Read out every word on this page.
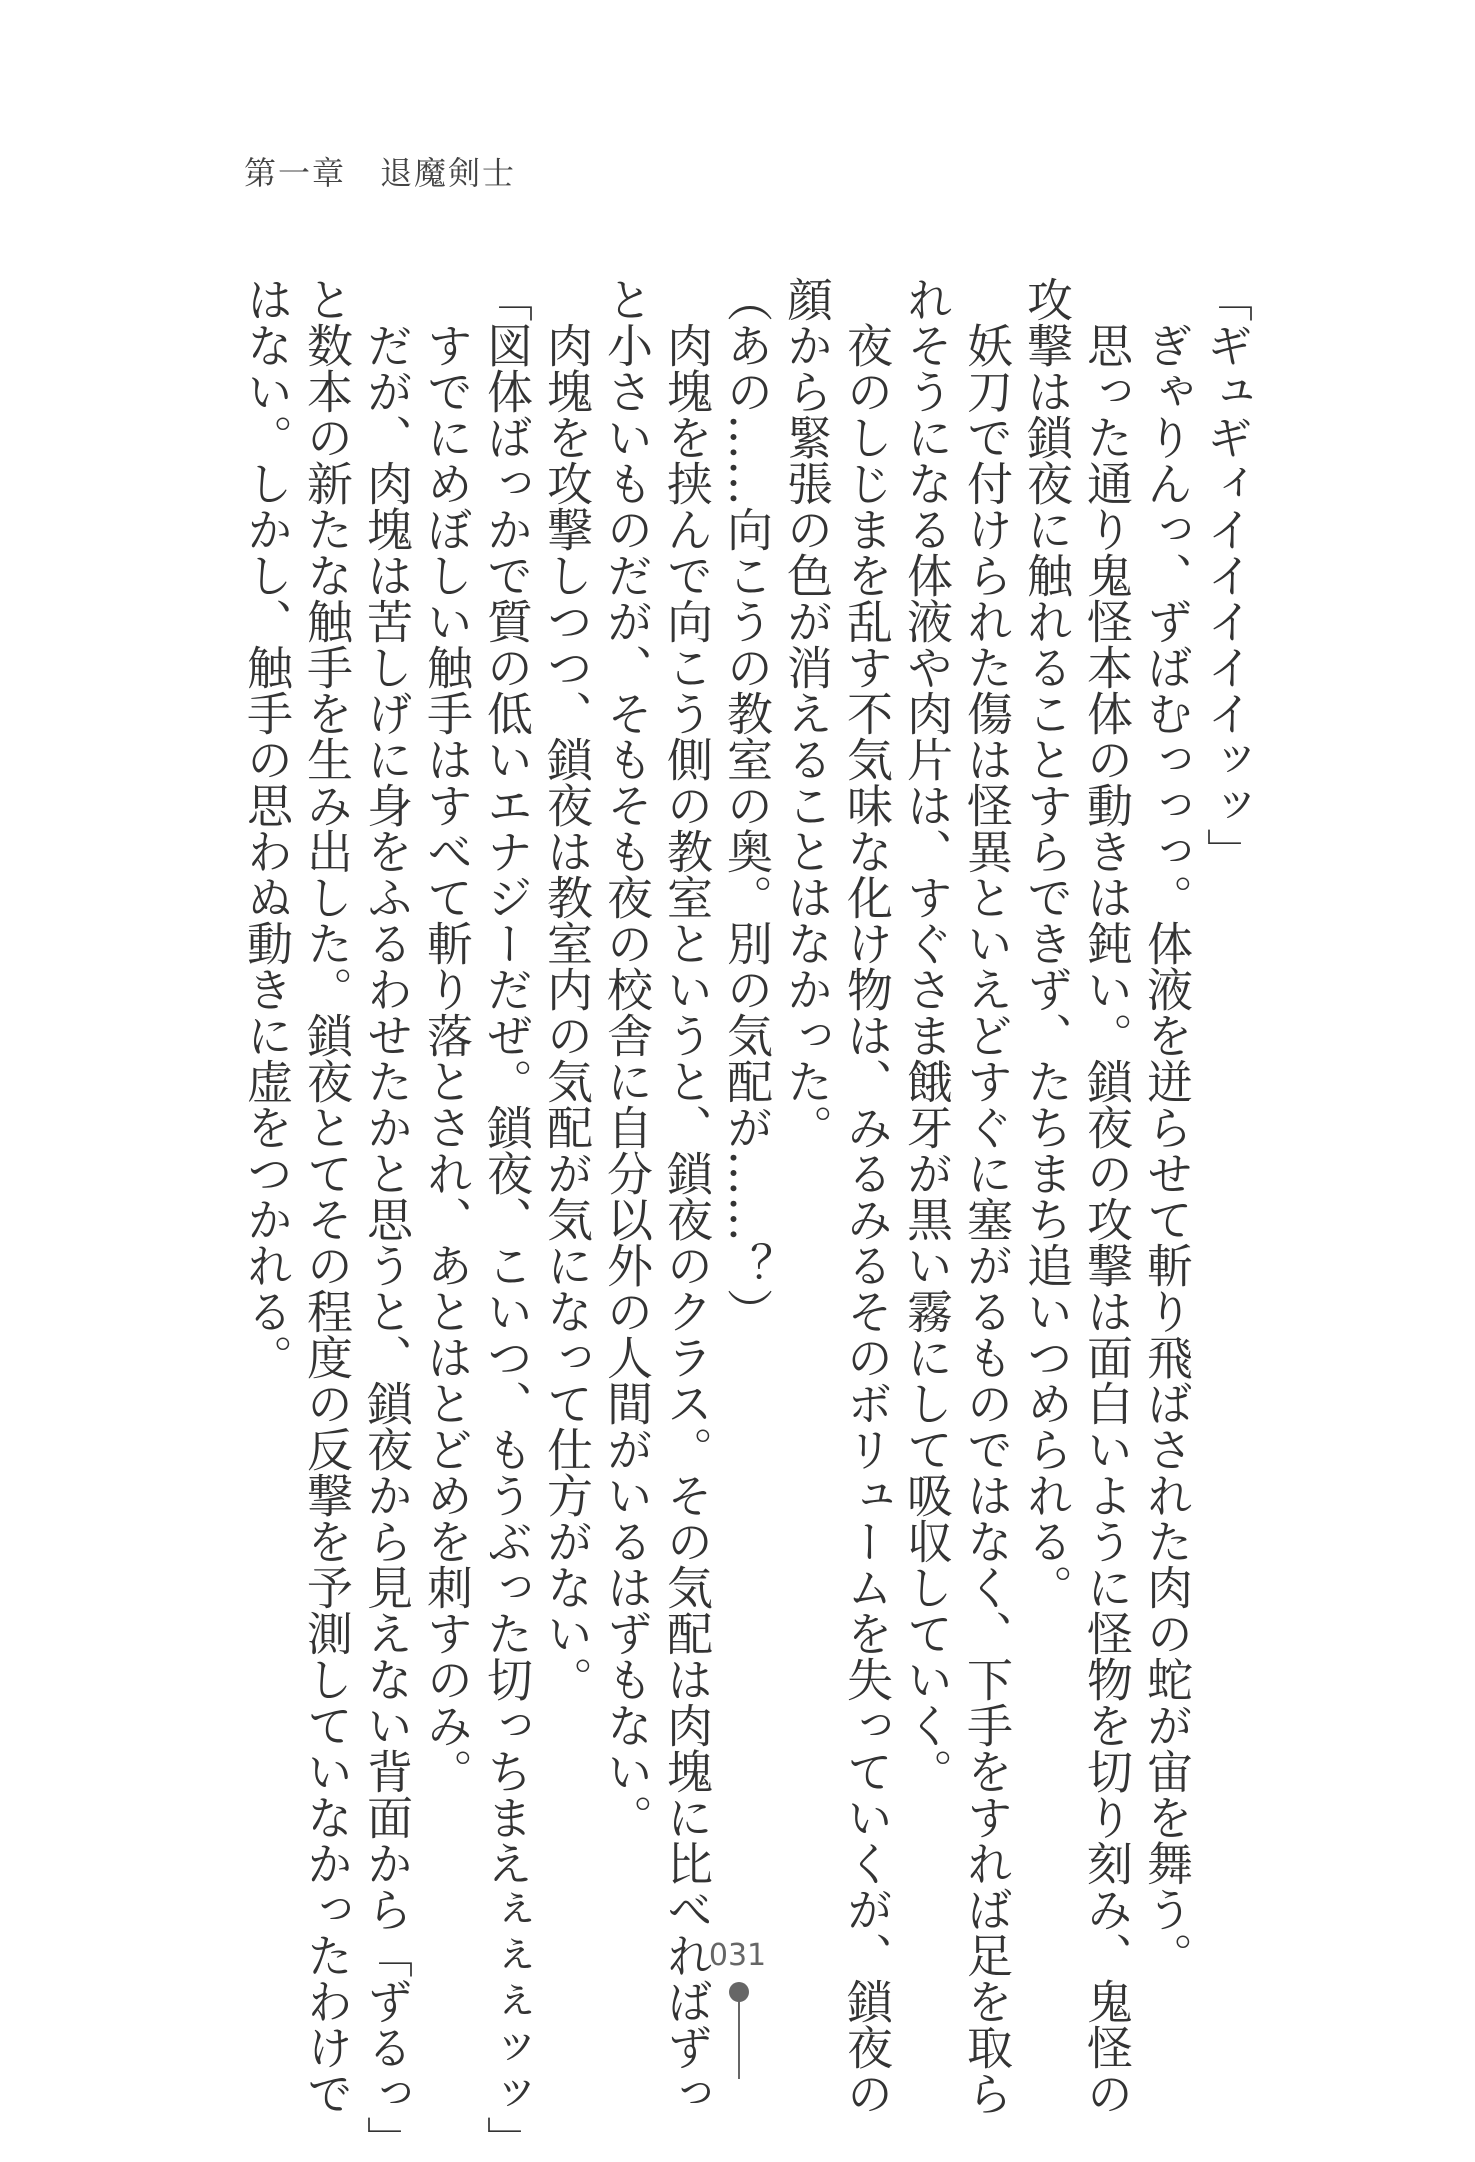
第一章　退魔剣士

「ギュギィイイイイイッッ」

　ぎゃりんっ、ずばむっっっ。体液を迸らせて斬り飛ばされた肉の蛇が宙を舞う。

　思った通り鬼怪本体の動きは鈍い。鎖夜の攻撃は面白いように怪物を切り刻み、鬼怪の

攻撃は鎖夜に触れることすらできず、たちまち追いつめられる。

　妖刀で付けられた傷は怪異といえどすぐに塞がるものではなく、下手をすれば足を取ら

れそうになる体液や肉片は、すぐさま餓牙が黒い霧にして吸収していく。

　夜のしじまを乱す不気味な化け物は、みるみるそのボリュームを失っていくが、鎖夜の

顔から緊張の色が消えることはなかった。

（あの……向こうの教室の奥。別の気配が……？）

　肉塊を挟んで向こう側の教室というと、鎖夜のクラス。その気配は肉塊に比べればずっ

と小さいものだが、そもそも夜の校舎に自分以外の人間がいるはずもない。

　肉塊を攻撃しつつ、鎖夜は教室内の気配が気になって仕方がない。

「図体ばっかで質の低いエナジーだぜ。鎖夜、こいつ、もうぶった切っちまえぇぇぇッッ」

　すでにめぼしい触手はすべて斬り落とされ、あとはとどめを刺すのみ。

　だが、肉塊は苦しげに身をふるわせたかと思うと、鎖夜から見えない背面から「ずるっ」

と数本の新たな触手を生み出した。鎖夜とてその程度の反撃を予測していなかったわけで

はない。しかし、触手の思わぬ動きに虚をつかれる。

031
